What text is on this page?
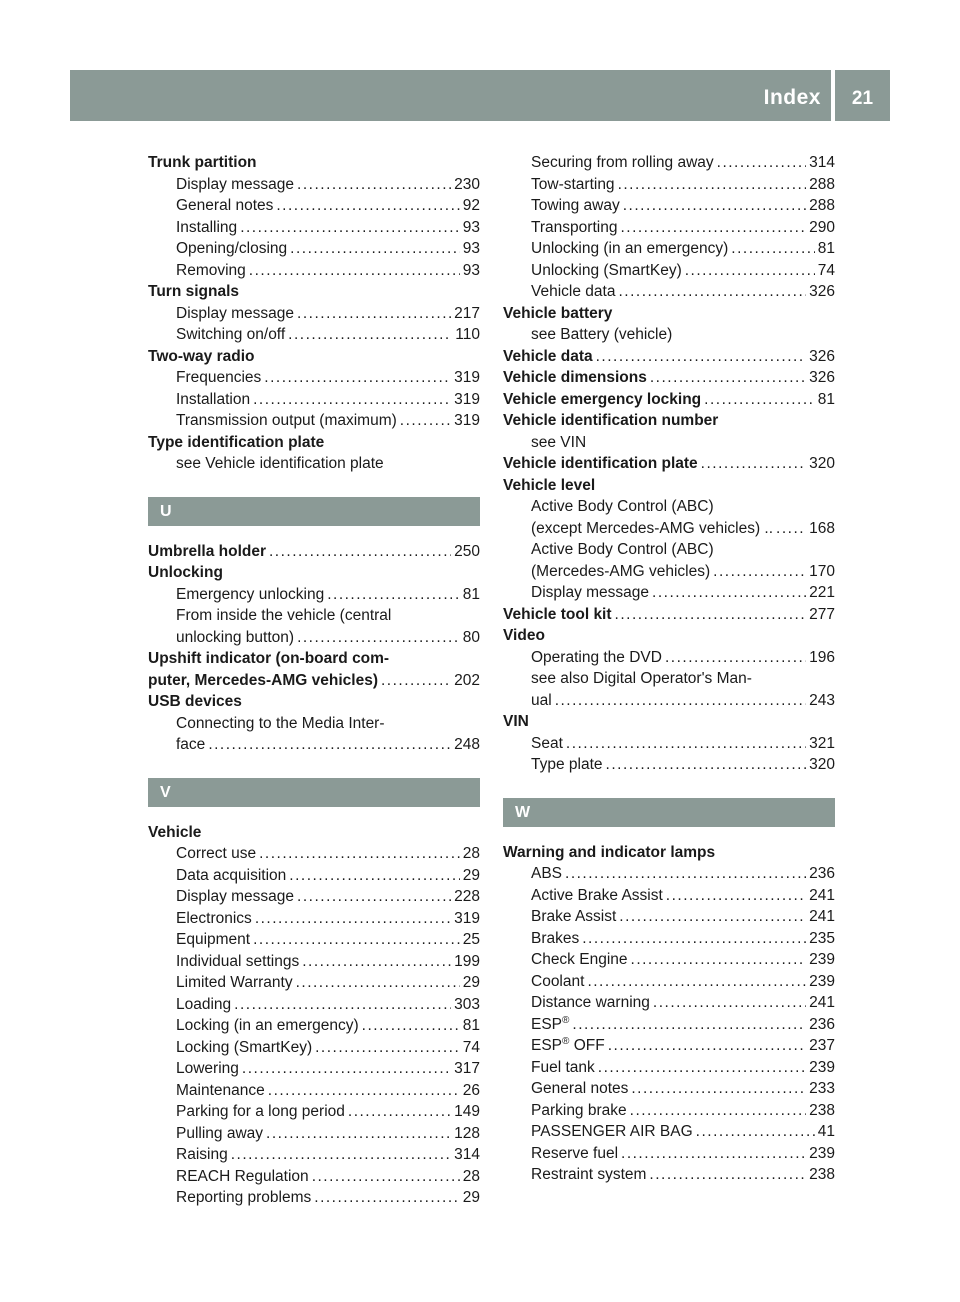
Index	21
Trunk partition
Display message .....	230
General notes .....	92
Installing .....	93
Opening/closing .....	93
Removing .....	93
Turn signals
Display message .....	217
Switching on/off .....	110
Two-way radio
Frequencies .....	319
Installation .....	319
Transmission output (maximum) .....	319
Type identification plate
see Vehicle identification plate
U
Umbrella holder .....	250
Unlocking
Emergency unlocking .....	81
From inside the vehicle (central
unlocking button) .....	80
Upshift indicator (on-board com-
puter, Mercedes-AMG vehicles) .....	202
USB devices
Connecting to the Media Inter-
face .....	248
V
Vehicle
Correct use .....	28
Data acquisition .....	29
Display message .....	228
Electronics .....	319
Equipment .....	25
Individual settings .....	199
Limited Warranty .....	29
Loading .....	303
Locking (in an emergency) .....	81
Locking (SmartKey) .....	74
Lowering .....	317
Maintenance .....	26
Parking for a long period .....	149
Pulling away .....	128
Raising .....	314
REACH Regulation .....	28
Reporting problems .....	29
Securing from rolling away .....	314
Tow-starting .....	288
Towing away .....	288
Transporting .....	290
Unlocking (in an emergency) .....	81
Unlocking (SmartKey) .....	74
Vehicle data .....	326
Vehicle battery
see Battery (vehicle)
Vehicle data .....	326
Vehicle dimensions .....	326
Vehicle emergency locking .....	81
Vehicle identification number
see VIN
Vehicle identification plate .....	320
Vehicle level
Active Body Control (ABC)
(except Mercedes-AMG vehicles) .. ..... 168
Active Body Control (ABC)
(Mercedes-AMG vehicles) .....	170
Display message .....	221
Vehicle tool kit .....	277
Video
Operating the DVD .....	196
see also Digital Operator's Man-
ual .....	243
VIN
Seat .....	321
Type plate .....	320
W
Warning and indicator lamps
ABS .....	236
Active Brake Assist .....	241
Brake Assist .....	241
Brakes .....	235
Check Engine .....	239
Coolant .....	239
Distance warning .....	241
ESP® .....	236
ESP® OFF .....	237
Fuel tank .....	239
General notes .....	233
Parking brake .....	238
PASSENGER AIR BAG .....	41
Reserve fuel .....	239
Restraint system .....	238
